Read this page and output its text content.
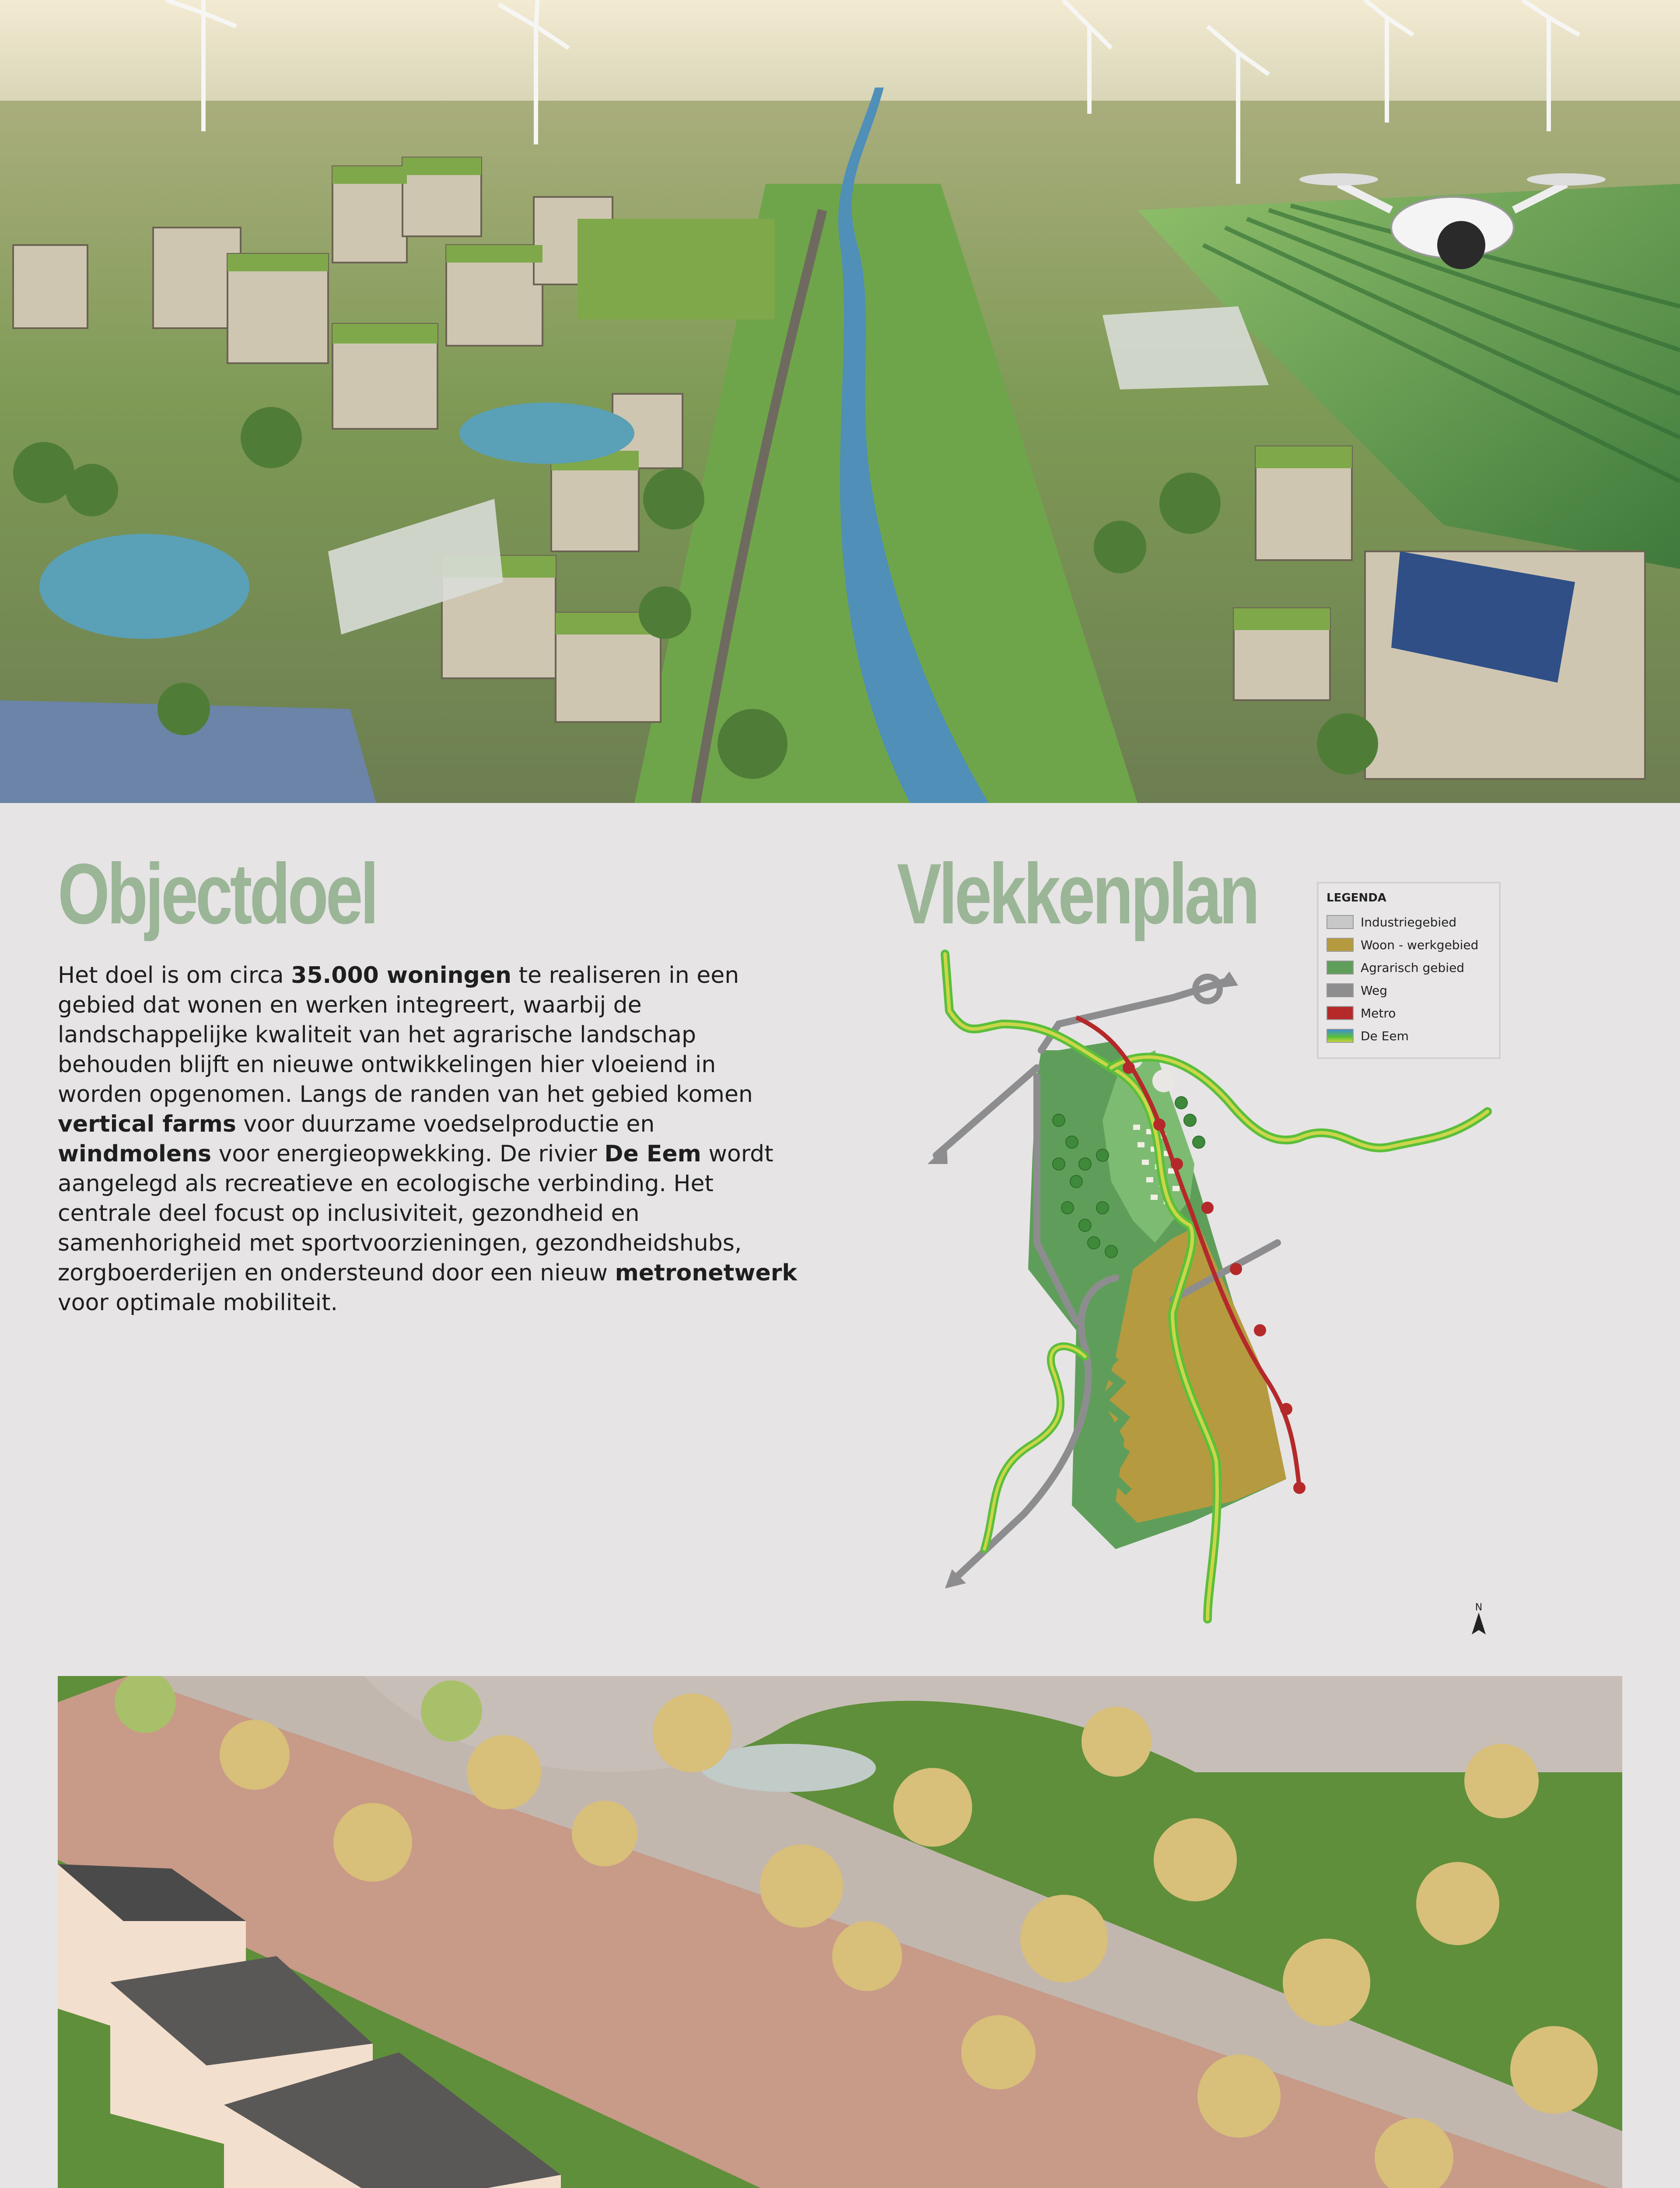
Objectdoel

Het doel is om circa 35.000 woningen te realiseren in een gebied dat wonen en werken integreert, waarbij de landschappelijke kwaliteit van het agrarische landschap behouden blijft en nieuwe ontwikkelingen hier vloeiend in worden opgenomen. Langs de randen van het gebied komen vertical farms voor duurzame voedselproductie en windmolens voor energieopwekking. De rivier De Eem wordt aangelegd als recreatieve en ecologische verbinding. Het centrale deel focust op inclusiviteit, gezondheid en samenhorigheid met sportvoorzieningen, gezondheidshubs, zorgboerderijen en ondersteund door een nieuw metronetwerk voor optimale mobiliteit.

Vlekkenplan	LEGENDA
Industriegebied
Woon - werkgebied
Agrarisch gebied
Weg
Metro
De Eem
N
